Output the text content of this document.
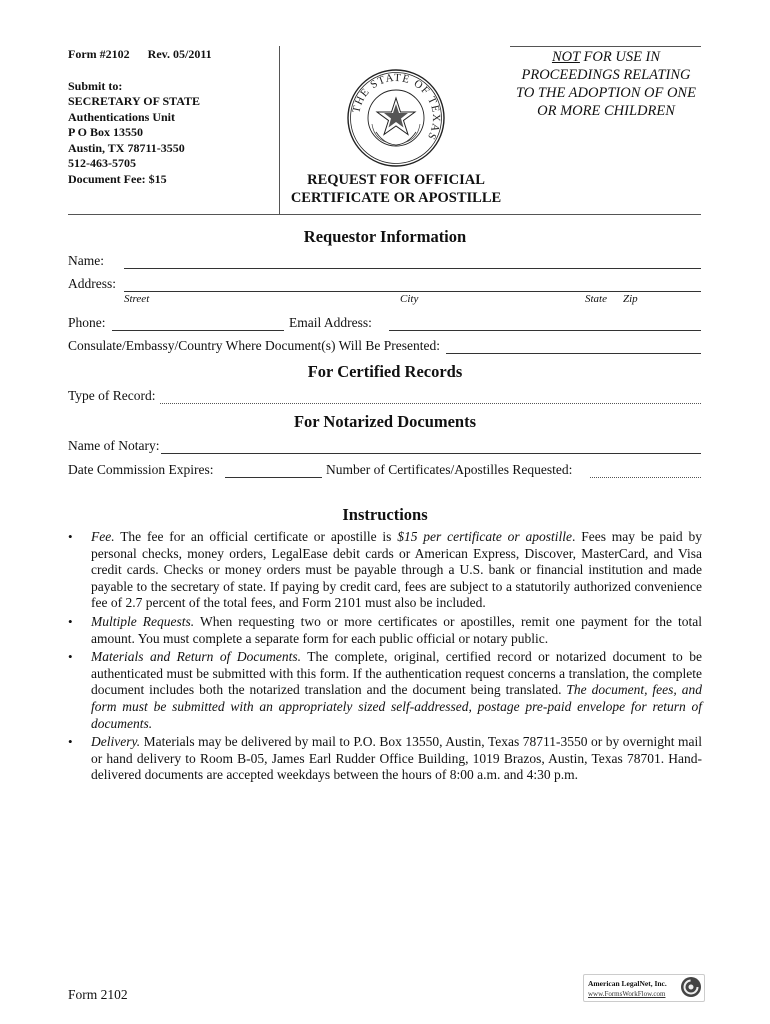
Form #2102 Rev. 05/2011
Submit to:
SECRETARY OF STATE
Authentications Unit
P O Box 13550
Austin, TX 78711-3550
512-463-5705
Document Fee: $15
NOT FOR USE IN
PROCEEDINGS RELATING
TO THE ADOPTION OF ONE
OR MORE CHILDREN
THE STATE OF TEXAS
REQUEST FOR OFFICIAL
CERTIFICATE OR APOSTILLE
Requestor Information
Name:
Address:
Street	City	State Zip
Phone:	Email Address:
Consulate/Embassy/Country Where Document(s) Will Be Presented:
For Certified Records
Type of Record:
For Notarized Documents
Name of Notary:
Date Commission Expires:	Number of Certificates/Apostilles Requested:
Instructions
• Fee. The fee for an official certificate or apostille is $15 per certificate or apostille. Fees may be paid by personal checks, money orders, LegalEase debit cards or American Express, Discover, MasterCard, and Visa credit cards. Checks or money orders must be payable through a U.S. bank or financial institution and made payable to the secretary of state. If paying by credit card, fees are subject to a statutorily authorized convenience fee of 2.7 percent of the total fees, and Form 2101 must also be included.
• Multiple Requests. When requesting two or more certificates or apostilles, remit one payment for the total amount. You must complete a separate form for each public official or notary public.
• Materials and Return of Documents. The complete, original, certified record or notarized document to be authenticated must be submitted with this form. If the authentication request concerns a translation, the complete document includes both the notarized translation and the document being translated. The document, fees, and form must be submitted with an appropriately sized self-addressed, postage pre-paid envelope for return of documents.
• Delivery. Materials may be delivered by mail to P.O. Box 13550, Austin, Texas 78711-3550 or by overnight mail or hand delivery to Room B-05, James Earl Rudder Office Building, 1019 Brazos, Austin, Texas 78701. Hand-delivered documents are accepted weekdays between the hours of 8:00 a.m. and 4:30 p.m.
Form 2102
American LegalNet, Inc.
www.FormsWorkFlow.com
